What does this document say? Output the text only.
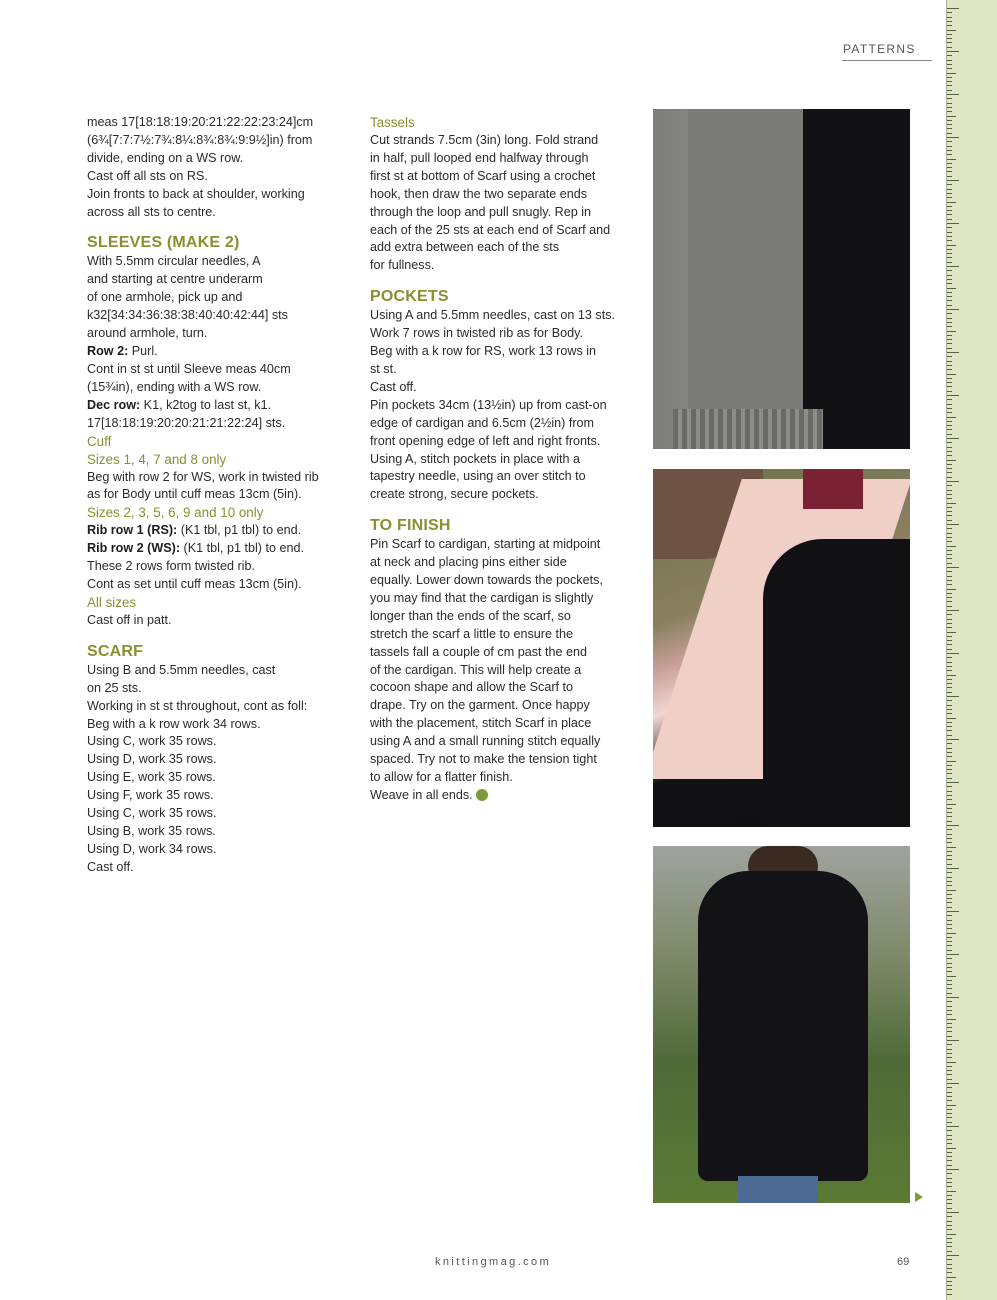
PATTERNS

meas 17[18:18:19:20:21:22:22:23:24]cm

(6¾[7:7:7½:7¾:8¼:8¾:8¾:9:9½]in) from

divide, ending on a WS row.

Cast off all sts on RS.

Join fronts to back at shoulder, working

across all sts to centre.

SLEEVES (MAKE 2)

With 5.5mm circular needles, A

and starting at centre underarm

of one armhole, pick up and

k32[34:34:36:38:38:40:40:42:44] sts

around armhole, turn.

Row 2: Purl.

Cont in st st until Sleeve meas 40cm

(15¾in), ending with a WS row.

Dec row: K1, k2tog to last st, k1.

17[18:18:19:20:20:21:21:22:24] sts.

Cuff

Sizes 1, 4, 7 and 8 only

Beg with row 2 for WS, work in twisted rib

as for Body until cuff meas 13cm (5in).

Sizes 2, 3, 5, 6, 9 and 10 only

Rib row 1 (RS): (K1 tbl, p1 tbl) to end.

Rib row 2 (WS): (K1 tbl, p1 tbl) to end.

These 2 rows form twisted rib.

Cont as set until cuff meas 13cm (5in).

All sizes

Cast off in patt.

SCARF

Using B and 5.5mm needles, cast

on 25 sts.

Working in st st throughout, cont as foll:

Beg with a k row work 34 rows.

Using C, work 35 rows.

Using D, work 35 rows.

Using E, work 35 rows.

Using F, work 35 rows.

Using C, work 35 rows.

Using B, work 35 rows.

Using D, work 34 rows.

Cast off.

Tassels

Cut strands 7.5cm (3in) long. Fold strand

in half, pull looped end halfway through

first st at bottom of Scarf using a crochet

hook, then draw the two separate ends

through the loop and pull snugly. Rep in

each of the 25 sts at each end of Scarf and

add extra between each of the sts

for fullness.

POCKETS

Using A and 5.5mm needles, cast on 13 sts.

Work 7 rows in twisted rib as for Body.

Beg with a k row for RS, work 13 rows in

st st.

Cast off.

Pin pockets 34cm (13½in) up from cast-on

edge of cardigan and 6.5cm (2½in) from

front opening edge of left and right fronts.

Using A, stitch pockets in place with a

tapestry needle, using an over stitch to

create strong, secure pockets.

TO FINISH

Pin Scarf to cardigan, starting at midpoint

at neck and placing pins either side

equally. Lower down towards the pockets,

you may find that the cardigan is slightly

longer than the ends of the scarf, so

stretch the scarf a little to ensure the

tassels fall a couple of cm past the end

of the cardigan. This will help create a

cocoon shape and allow the Scarf to

drape. Try on the garment. Once happy

with the placement, stitch Scarf in place

using A and a small running stitch equally

spaced. Try not to make the tension tight

to allow for a flatter finish.

Weave in all ends.

knittingmag.com	69
